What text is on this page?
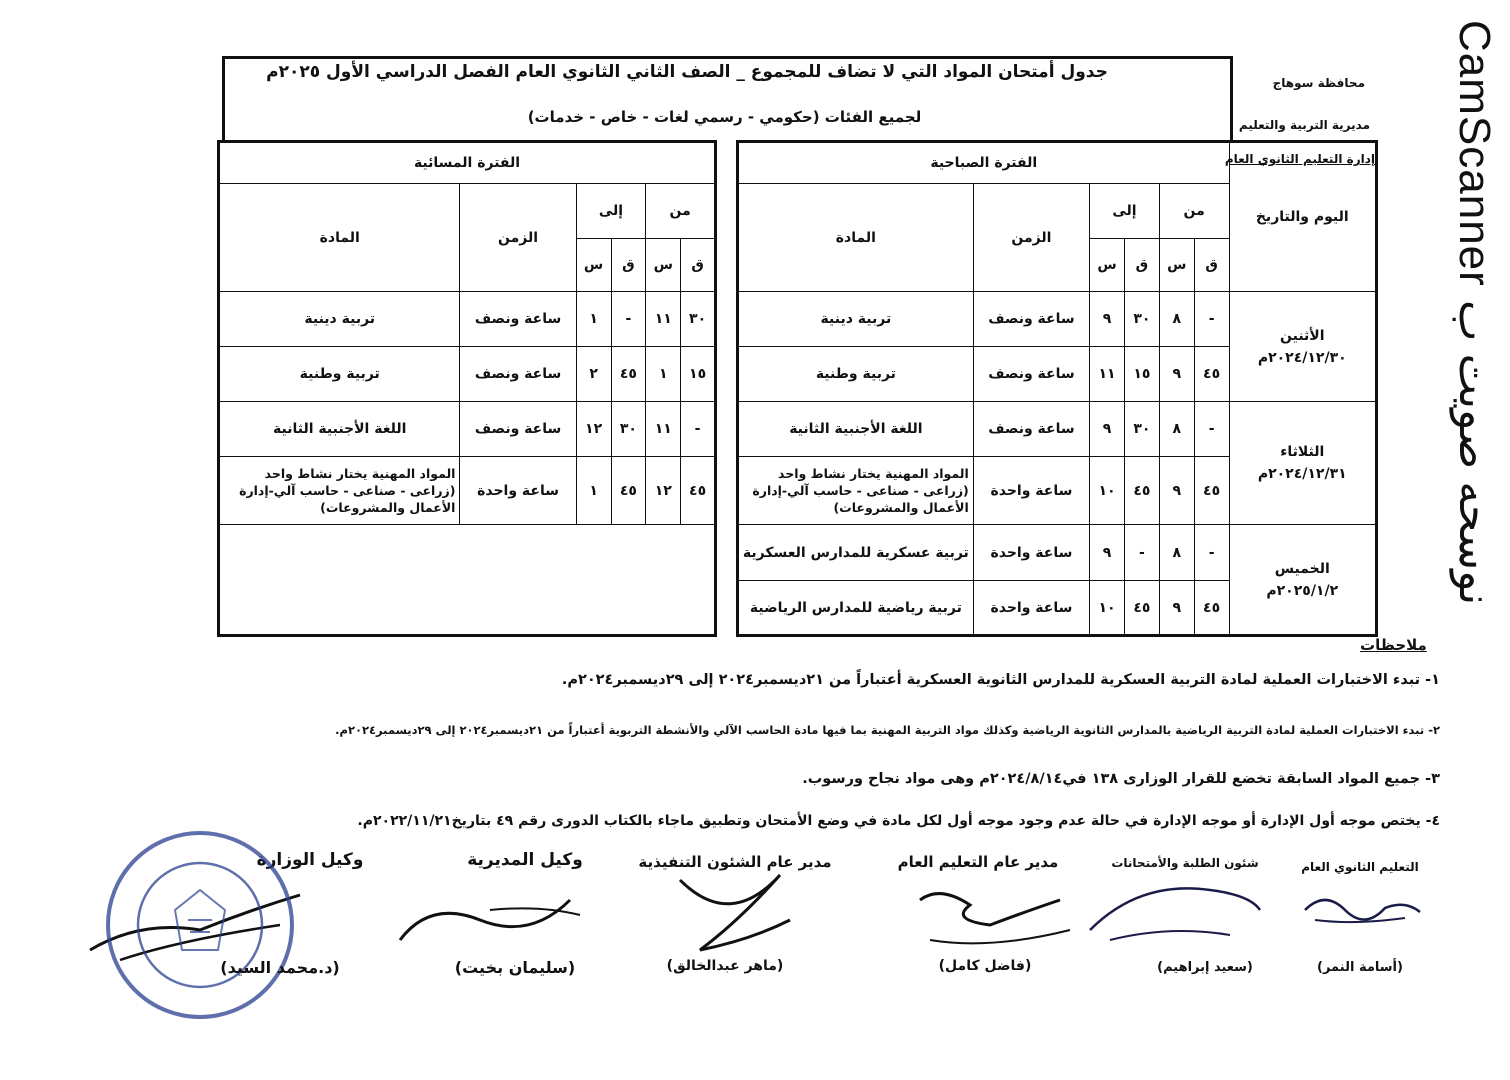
CamScanner نوسحه صويت ب
محافظة سوهاج
مديرية التربية والتعليم
إدارة التعليم الثانوي العام
جدول أمتحان المواد التي لا تضاف للمجموع _ الصف الثاني الثانوي العام الفصل الدراسي الأول ٢٠٢٥م
لجميع الفئات (حكومي - رسمي لغات - خاص - خدمات)
اليوم والتاريخ	الفترة الصباحية					
	من		إلى		الزمن	المادة
	ق	س	ق	س		

الأثنين
٢٠٢٤/١٢/٣٠م	-	٨	٣٠	٩	ساعة ونصف	تربية دينية
	٤٥	٩	١٥	١١	ساعة ونصف	تربية وطنية

الثلاثاء
٢٠٢٤/١٢/٣١م	-	٨	٣٠	٩	ساعة ونصف	اللغة الأجنبية الثانية
	٤٥	٩	٤٥	١٠	ساعة واحدة	المواد المهنية يختار نشاط واحد
(زراعى - صناعى - حاسب آلي-إدارة
الأعمال والمشروعات)

الخميس
٢٠٢٥/١/٢م	-	٨	-	٩	ساعة واحدة	تربية عسكرية للمدارس العسكرية
	٤٥	٩	٤٥	١٠	ساعة واحدة	تربية رياضية للمدارس الرياضية
الفترة المسائية					
من		إلى		الزمن	المادة
ق	س	ق	س		
٣٠	١١	-	١	ساعة ونصف	تربية دينية
١٥	١	٤٥	٢	ساعة ونصف	تربية وطنية
-	١١	٣٠	١٢	ساعة ونصف	اللغة الأجنبية الثانية
٤٥	١٢	٤٥	١	ساعة واحدة	المواد المهنية يختار نشاط واحد
(زراعى - صناعى - حاسب آلي-إدارة
الأعمال والمشروعات)

ملاحظات
١- تبدء الاختبارات العملية لمادة التربية العسكرية للمدارس الثانوية العسكرية أعتباراً من ٢١ديسمبر٢٠٢٤ إلى ٢٩ديسمبر٢٠٢٤م.
٢- تبدء الاختبارات العملية لمادة التربية الرياضية بالمدارس الثانوية الرياضية وكذلك مواد التربية المهنية بما فيها مادة الحاسب الآلي والأنشطة التربوية أعتباراً من ٢١ديسمبر٢٠٢٤ إلى ٢٩ديسمبر٢٠٢٤م.
٣- جميع المواد السابقة تخضع للقرار الوزارى ١٣٨ في٢٠٢٤/٨/١٤م وهى مواد نجاح ورسوب.
٤- يختص موجه أول الإدارة أو موجه الإدارة في حالة عدم وجود موجه أول لكل مادة في وضع الأمتحان وتطبيق ماجاء بالكتاب الدورى رقم ٤٩ بتاريخ٢٠٢٢/١١/٢١م.
التعليم الثانوي العام
شئون الطلبة والأمتحانات
مدير عام التعليم العام
مدير عام الشئون التنفيذية
وكيل المديرية
وكيل الوزارة
(أسامة النمر)
(سعيد إبراهيم)
(فاضل كامل)
(ماهر عبدالخالق)
(سليمان بخيت)
(د.محمد السيد)
